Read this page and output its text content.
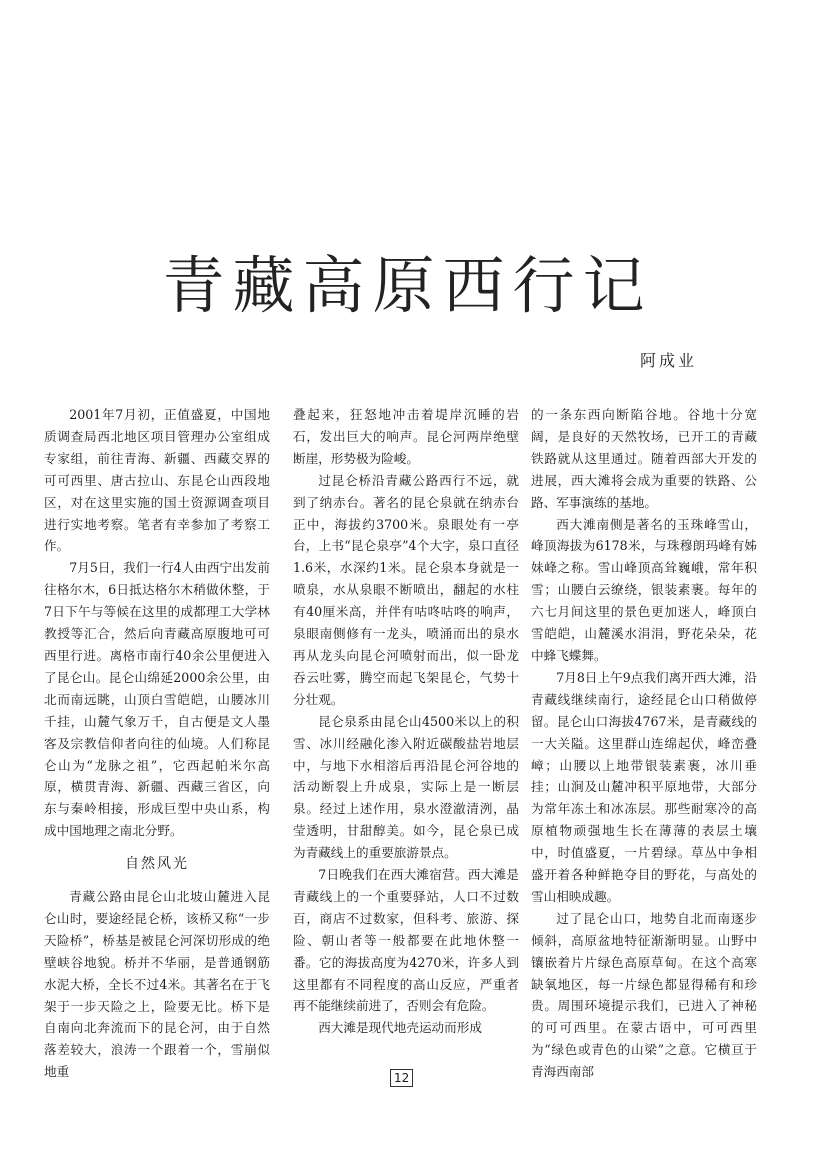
青藏高原西行记
阿成业

2001年7月初，正值盛夏，中国地质调查局西北地区项目管理办公室组成专家组，前往青海、新疆、西藏交界的可可西里、唐古拉山、东昆仑山西段地区，对在这里实施的国土资源调查项目进行实地考察。笔者有幸参加了考察工作。

7月5日，我们一行4人由西宁出发前往格尔木，6日抵达格尔木稍做休整，于7日下午与等候在这里的成都理工大学林教授等汇合，然后向青藏高原腹地可可西里行进。离格市南行40余公里便进入了昆仑山。昆仑山绵延2000余公里，由北而南远眺，山顶白雪皑皑，山腰冰川千挂，山麓气象万千，自古便是文人墨客及宗教信仰者向往的仙境。人们称昆仑山为“龙脉之祖”，它西起帕米尔高原，横贯青海、新疆、西藏三省区，向东与秦岭相接，形成巨型中央山系，构成中国地理之南北分野。

自然风光

青藏公路由昆仑山北坡山麓进入昆仑山时，要途经昆仑桥，该桥又称“一步天险桥”，桥基是被昆仑河深切形成的绝壁峡谷地貌。桥并不华丽，是普通钢筋水泥大桥，全长不过4米。其著名在于飞架于一步天险之上，险要无比。桥下是自南向北奔流而下的昆仑河，由于自然落差较大，浪涛一个跟着一个，雪崩似地重

叠起来，狂怒地冲击着堤岸沉睡的岩石，发出巨大的响声。昆仑河两岸绝壁断崖，形势极为险峻。

过昆仑桥沿青藏公路西行不远，就到了纳赤台。著名的昆仑泉就在纳赤台正中，海拔约3700米。泉眼处有一亭台，上书“昆仑泉亭”4个大字，泉口直径1.6米，水深约1米。昆仑泉本身就是一喷泉，水从泉眼不断喷出，翻起的水柱有40厘米高，并伴有咕咚咕咚的响声，泉眼南侧修有一龙头，喷涌而出的泉水再从龙头向昆仑河喷射而出，似一卧龙吞云吐雾，腾空而起飞架昆仑，气势十分壮观。

昆仑泉系由昆仑山4500米以上的积雪、冰川经融化渗入附近碳酸盐岩地层中，与地下水相溶后再沿昆仑河谷地的活动断裂上升成泉，实际上是一断层泉。经过上述作用，泉水澄澈清洌，晶莹透明，甘甜醇美。如今，昆仑泉已成为青藏线上的重要旅游景点。

7日晚我们在西大滩宿营。西大滩是青藏线上的一个重要驿站，人口不过数百，商店不过数家，但科考、旅游、探险、朝山者等一般都要在此地休整一番。它的海拔高度为4270米，许多人到这里都有不同程度的高山反应，严重者再不能继续前进了，否则会有危险。

西大滩是现代地壳运动而形成

的一条东西向断陷谷地。谷地十分宽阔，是良好的天然牧场，已开工的青藏铁路就从这里通过。随着西部大开发的进展，西大滩将会成为重要的铁路、公路、军事演练的基地。

西大滩南侧是著名的玉珠峰雪山，峰顶海拔为6178米，与珠穆朗玛峰有姊妹峰之称。雪山峰顶高耸巍峨，常年积雪；山腰白云缭绕，银装素裹。每年的六七月间这里的景色更加迷人，峰顶白雪皑皑，山麓溪水涓涓，野花朵朵，花中蜂飞蝶舞。

7月8日上午9点我们离开西大滩，沿青藏线继续南行，途经昆仑山口稍做停留。昆仑山口海拔4767米，是青藏线的一大关隘。这里群山连绵起伏，峰峦叠嶂；山腰以上地带银装素裹，冰川垂挂；山涧及山麓冲积平原地带，大部分为常年冻土和冰冻层。那些耐寒冷的高原植物顽强地生长在薄薄的表层土壤中，时值盛夏，一片碧绿。草丛中争相盛开着各种鲜艳夺目的野花，与高处的雪山相映成趣。

过了昆仑山口，地势自北而南逐步倾斜，高原盆地特征渐渐明显。山野中镶嵌着片片绿色高原草甸。在这个高寒缺氧地区，每一片绿色都显得稀有和珍贵。周围环境提示我们，已进入了神秘的可可西里。在蒙古语中，可可西里为“绿色或青色的山梁”之意。它横亘于青海西南部

12
